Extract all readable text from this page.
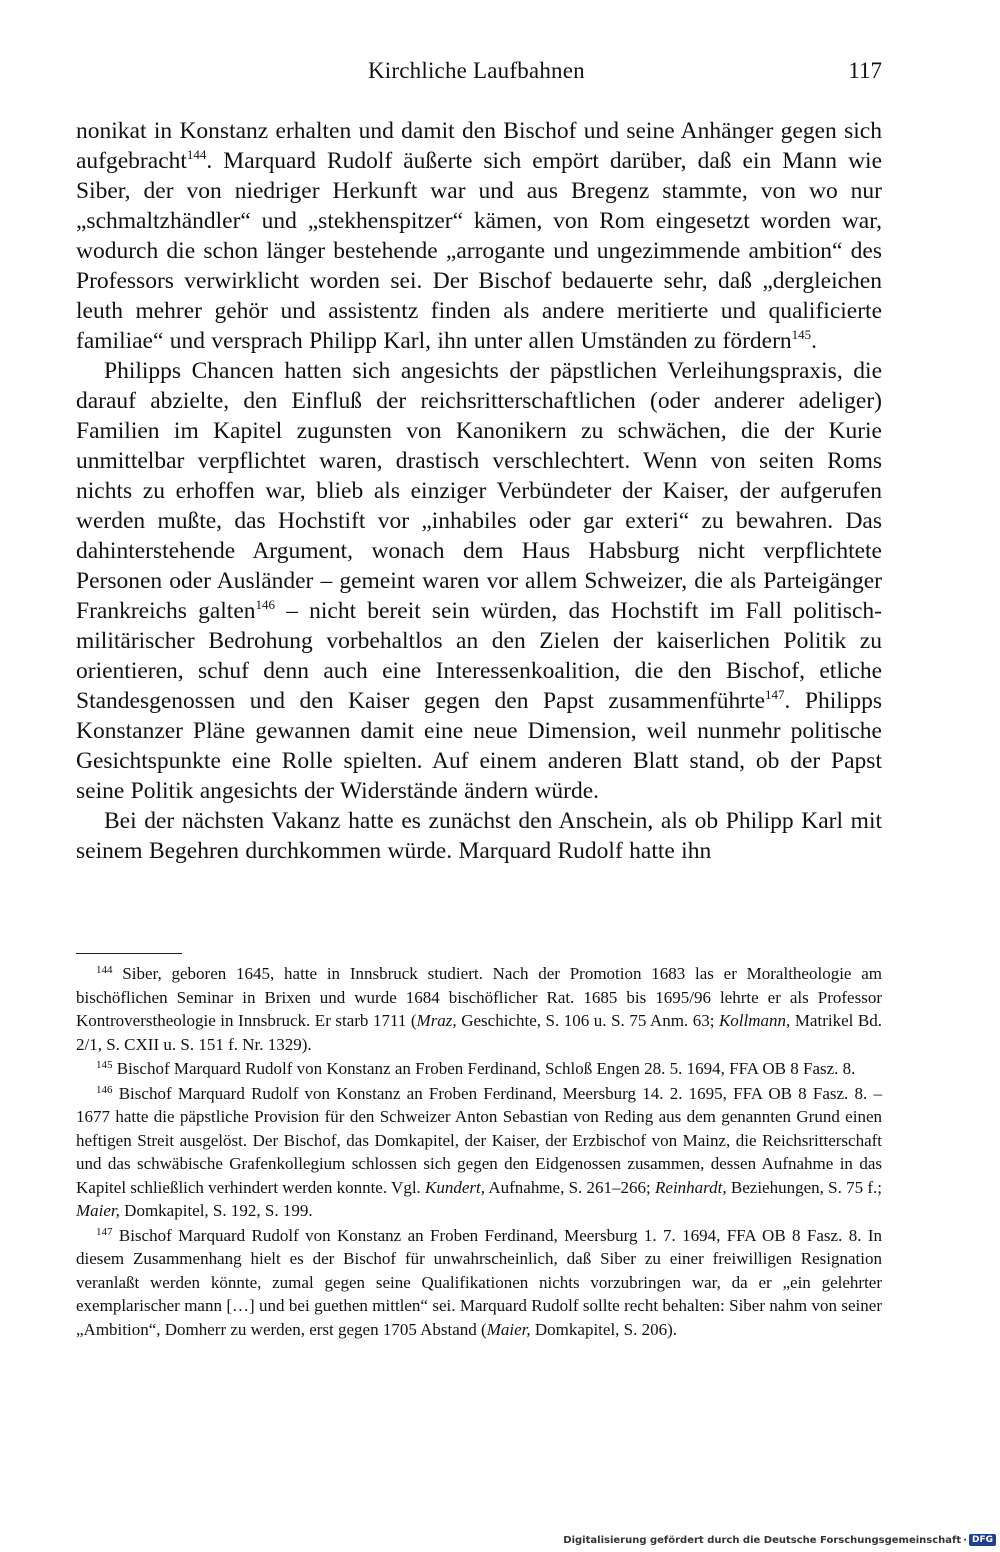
Kirchliche Laufbahnen	117

nonikat in Konstanz erhalten und damit den Bischof und seine Anhänger gegen sich aufgebracht$^{144}$. Marquard Rudolf äußerte sich empört darüber, daß ein Mann wie Siber, der von niedriger Herkunft war und aus Bregenz stammte, von wo nur „schmaltzhändler“ und „stekhenspitzer“ kämen, von Rom eingesetzt worden war, wodurch die schon länger bestehende „arrogante und ungezimmende ambition“ des Professors verwirklicht worden sei. Der Bischof bedauerte sehr, daß „dergleichen leuth mehrer gehör und assistentz finden als andere meritierte und qualificierte familiae“ und versprach Philipp Karl, ihn unter allen Umständen zu fördern$^{145}$.

Philipps Chancen hatten sich angesichts der päpstlichen Verleihungspraxis, die darauf abzielte, den Einfluß der reichsritterschaftlichen (oder anderer adeliger) Familien im Kapitel zugunsten von Kanonikern zu schwächen, die der Kurie unmittelbar verpflichtet waren, drastisch verschlechtert. Wenn von seiten Roms nichts zu erhoffen war, blieb als einziger Verbündeter der Kaiser, der aufgerufen werden mußte, das Hochstift vor „inhabiles oder gar exteri“ zu bewahren. Das dahinterstehende Argument, wonach dem Haus Habsburg nicht verpflichtete Personen oder Ausländer – gemeint waren vor allem Schweizer, die als Parteigänger Frankreichs galten$^{146}$ – nicht bereit sein würden, das Hochstift im Fall politisch-militärischer Bedrohung vorbehaltlos an den Zielen der kaiserlichen Politik zu orientieren, schuf denn auch eine Interessenkoalition, die den Bischof, etliche Standesgenossen und den Kaiser gegen den Papst zusammenführte$^{147}$. Philipps Konstanzer Pläne gewannen damit eine neue Dimension, weil nunmehr politische Gesichtspunkte eine Rolle spielten. Auf einem anderen Blatt stand, ob der Papst seine Politik angesichts der Widerstände ändern würde.

Bei der nächsten Vakanz hatte es zunächst den Anschein, als ob Philipp Karl mit seinem Begehren durchkommen würde. Marquard Rudolf hatte ihn

$^{144}$ Siber, geboren 1645, hatte in Innsbruck studiert. Nach der Promotion 1683 las er Moraltheologie am bischöflichen Seminar in Brixen und wurde 1684 bischöflicher Rat. 1685 bis 1695/96 lehrte er als Professor Kontroverstheologie in Innsbruck. Er starb 1711 (Mraz, Geschichte, S. 106 u. S. 75 Anm. 63; Kollmann, Matrikel Bd. 2/1, S. CXII u. S. 151 f. Nr. 1329).

$^{145}$ Bischof Marquard Rudolf von Konstanz an Froben Ferdinand, Schloß Engen 28. 5. 1694, FFA OB 8 Fasz. 8.

$^{146}$ Bischof Marquard Rudolf von Konstanz an Froben Ferdinand, Meersburg 14. 2. 1695, FFA OB 8 Fasz. 8. – 1677 hatte die päpstliche Provision für den Schweizer Anton Sebastian von Reding aus dem genannten Grund einen heftigen Streit ausgelöst. Der Bischof, das Domkapitel, der Kaiser, der Erzbischof von Mainz, die Reichsritterschaft und das schwäbische Grafenkollegium schlossen sich gegen den Eidgenossen zusammen, dessen Aufnahme in das Kapitel schließlich verhindert werden konnte. Vgl. Kundert, Aufnahme, S. 261–266; Reinhardt, Beziehungen, S. 75 f.; Maier, Domkapitel, S. 192, S. 199.

$^{147}$ Bischof Marquard Rudolf von Konstanz an Froben Ferdinand, Meersburg 1. 7. 1694, FFA OB 8 Fasz. 8. In diesem Zusammenhang hielt es der Bischof für unwahrscheinlich, daß Siber zu einer freiwilligen Resignation veranlaßt werden könnte, zumal gegen seine Qualifikationen nichts vorzubringen war, da er „ein gelehrter exemplarischer mann […] und bei guethen mittlen“ sei. Marquard Rudolf sollte recht behalten: Siber nahm von seiner „Ambition“, Domherr zu werden, erst gegen 1705 Abstand (Maier, Domkapitel, S. 206).

Digitalisierung gefördert durch die Deutsche Forschungsgemeinschaft · DFG
